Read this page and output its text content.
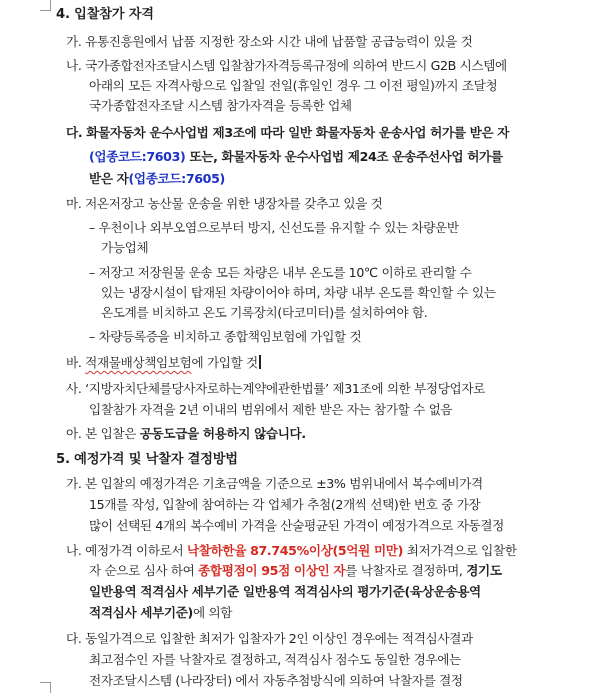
4. 입찰참가 자격
가. 유통진흥원에서 납품 지정한 장소와 시간 내에 납품할 공급능력이 있을 것
나. 국가종합전자조달시스템 입찰참가자격등록규정에 의하여 반드시 G2B 시스템에
아래의 모든 자격사항으로 입찰일 전일(휴일인 경우 그 이전 평일)까지 조달청
국가종합전자조달 시스템 참가자격을 등록한 업체
다. 화물자동차 운수사업법 제3조에 따라 일반 화물자동차 운송사업 허가를 받은 자
(업종코드:7603) 또는, 화물자동차 운수사업법 제24조 운송주선사업 허가를
받은 자(업종코드:7605)
마. 저온저장고 농산물 운송을 위한 냉장차를 갖추고 있을 것
– 우천이나 외부오염으로부터 방지, 신선도를 유지할 수 있는 차량운반
가능업체
– 저장고 저장원물 운송 모든 차량은 내부 온도를 10℃ 이하로 관리할 수
있는 냉장시설이 탑재된 차량이어야 하며, 차량 내부 온도를 확인할 수 있는
온도계를 비치하고 온도 기록장치(타코미터)를 설치하여야 함.
– 차량등록증을 비치하고 종합책임보험에 가입할 것
바. 적재물배상책임보험에 가입할 것
사. ‘지방자치단체를당사자로하는계약에관한법률’ 제31조에 의한 부정당업자로
입찰참가 자격을 2년 이내의 범위에서 제한 받은 자는 참가할 수 없음
아. 본 입찰은 공동도급을 허용하지 않습니다.
5. 예정가격 및 낙찰자 결정방법
가. 본 입찰의 예정가격은 기초금액을 기준으로 ±3% 범위내에서 복수예비가격
15개를 작성, 입찰에 참여하는 각 업체가 추첨(2개씩 선택)한 번호 중 가장
많이 선택된 4개의 복수예비 가격을 산술평균된 가격이 예정가격으로 자동결정
나. 예정가격 이하로서 낙찰하한율 87.745%이상(5억원 미만) 최저가격으로 입찰한
자 순으로 심사 하여 종합평점이 95점 이상인 자를 낙찰자로 결정하며, 경기도
일반용역 적격심사 세부기준 일반용역 적격심사의 평가기준(육상운송용역
적격심사 세부기준)에 의함
다. 동일가격으로 입찰한 최저가 입찰자가 2인 이상인 경우에는 적격심사결과
최고점수인 자를 낙찰자로 결정하고, 적격심사 점수도 동일한 경우에는
전자조달시스템 (나라장터) 에서 자동추첨방식에 의하여 낙찰자를 결정
